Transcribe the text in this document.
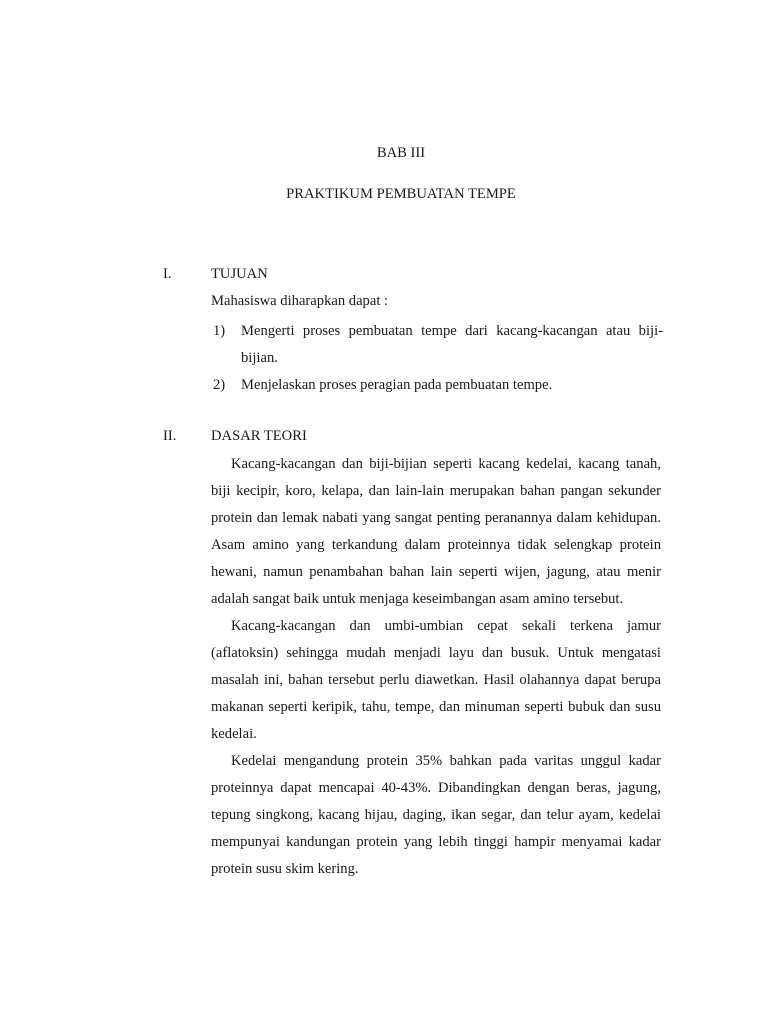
BAB III
PRAKTIKUM PEMBUATAN TEMPE
I.	TUJUAN
Mahasiswa diharapkan dapat :
1) Mengerti proses pembuatan tempe dari kacang-kacangan atau biji-bijian.
2) Menjelaskan proses peragian pada pembuatan tempe.
II. DASAR TEORI

Kacang-kacangan dan biji-bijian seperti kacang kedelai, kacang tanah, biji kecipir, koro, kelapa, dan lain-lain merupakan bahan pangan sekunder protein dan lemak nabati yang sangat penting peranannya dalam kehidupan. Asam amino yang terkandung dalam proteinnya tidak selengkap protein hewani, namun penambahan bahan lain seperti wijen, jagung, atau menir adalah sangat baik untuk menjaga keseimbangan asam amino tersebut.

Kacang-kacangan dan umbi-umbian cepat sekali terkena jamur (aflatoksin) sehingga mudah menjadi layu dan busuk. Untuk mengatasi masalah ini, bahan tersebut perlu diawetkan. Hasil olahannya dapat berupa makanan seperti keripik, tahu, tempe, dan minuman seperti bubuk dan susu kedelai.

Kedelai mengandung protein 35% bahkan pada varitas unggul kadar proteinnya dapat mencapai 40-43%. Dibandingkan dengan beras, jagung, tepung singkong, kacang hijau, daging, ikan segar, dan telur ayam, kedelai mempunyai kandungan protein yang lebih tinggi hampir menyamai kadar protein susu skim kering.
